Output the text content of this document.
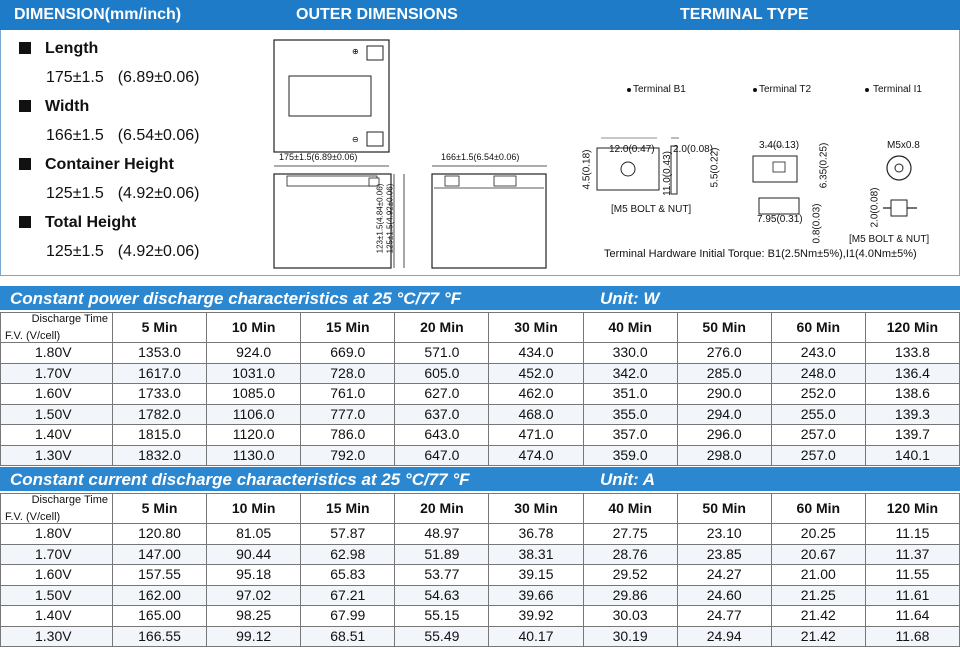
DIMENSION(mm/inch)	OUTER DIMENSIONS	TERMINAL TYPE
Length
175±1.5 (6.89±0.06)
Width
166±1.5 (6.54±0.06)
Container Height
125±1.5 (4.92±0.06)
Total Height
125±1.5 (4.92±0.06)
⊕
⊖
175±1.5(6.89±0.06)	166±1.5(6.54±0.06)
125±1.5(4.92±0.06)
123±1.5(4.84±0.06)
Terminal B1
12.0(0.47) 2.0(0.08)
4.5(0.18)	11.0(0.43)	5.5(0.22)
[M5 BOLT & NUT]
Terminal T2
3.4(0.13) 6.35(0.25)
7.95(0.31) 0.8(0.03)
Terminal I1
M5x0.8
2.0(0.08)
[M5 BOLT & NUT]
Terminal Hardware Initial Torque: B1(2.5Nm±5%),I1(4.0Nm±5%)
Constant power discharge characteristics at 25 °C/77 °F	Unit: W
Discharge Time
F.V. (V/cell)	5 Min	10 Min	15 Min	20 Min	30 Min	40 Min	50 Min	60 Min	120 Min
1.80V	1353.0	924.0	669.0	571.0	434.0	330.0	276.0	243.0	133.8
1.70V	1617.0	1031.0	728.0	605.0	452.0	342.0	285.0	248.0	136.4
1.60V	1733.0	1085.0	761.0	627.0	462.0	351.0	290.0	252.0	138.6
1.50V	1782.0	1106.0	777.0	637.0	468.0	355.0	294.0	255.0	139.3
1.40V	1815.0	1120.0	786.0	643.0	471.0	357.0	296.0	257.0	139.7
1.30V	1832.0	1130.0	792.0	647.0	474.0	359.0	298.0	257.0	140.1
Constant current discharge characteristics at 25 °C/77 °F	Unit: A
Discharge Time
F.V. (V/cell)	5 Min	10 Min	15 Min	20 Min	30 Min	40 Min	50 Min	60 Min	120 Min
1.80V	120.80	81.05	57.87	48.97	36.78	27.75	23.10	20.25	11.15
1.70V	147.00	90.44	62.98	51.89	38.31	28.76	23.85	20.67	11.37
1.60V	157.55	95.18	65.83	53.77	39.15	29.52	24.27	21.00	11.55
1.50V	162.00	97.02	67.21	54.63	39.66	29.86	24.60	21.25	11.61
1.40V	165.00	98.25	67.99	55.15	39.92	30.03	24.77	21.42	11.64
1.30V	166.55	99.12	68.51	55.49	40.17	30.19	24.94	21.42	11.68
